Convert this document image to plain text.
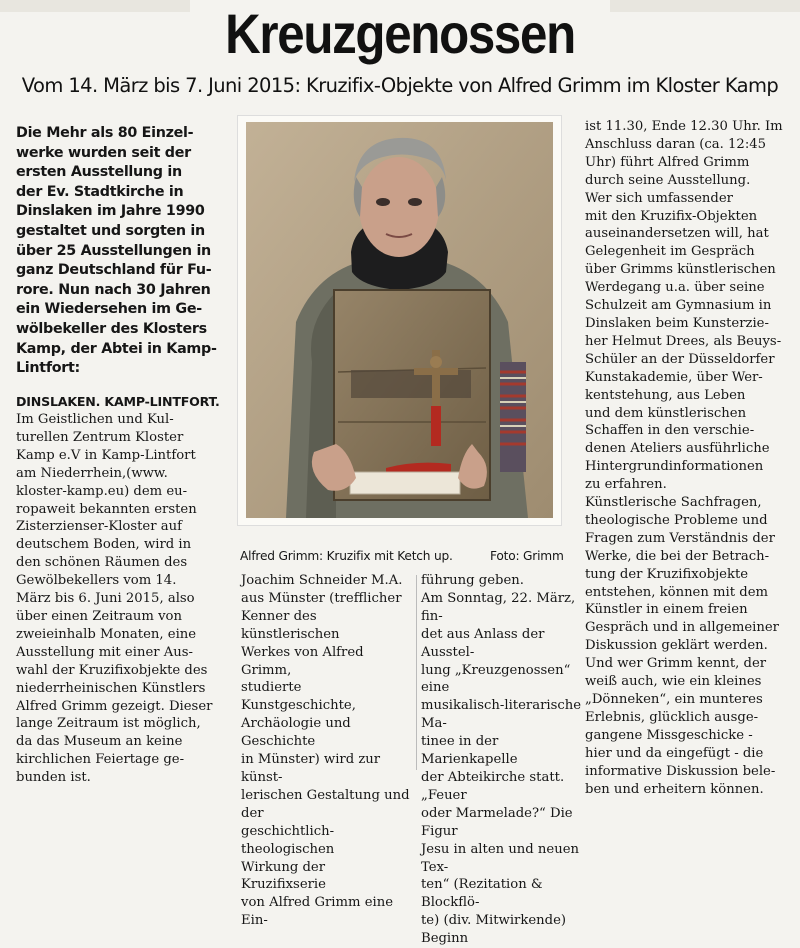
Kreuzgenossen
Vom 14. März bis 7. Juni 2015: Kruzifix-Objekte von Alfred Grimm im Kloster Kamp
Die Mehr als 80 Einzel-
werke wurden seit der
ersten Ausstellung in
der Ev. Stadtkirche in
Dinslaken im Jahre 1990
gestaltet und sorgten in
über 25 Ausstellungen in
ganz Deutschland für Fu-
rore. Nun nach 30 Jahren
ein Wiedersehen im Ge-
wölbekeller des Klosters
Kamp, der Abtei in Kamp-
Lintfort:
DINSLAKEN. KAMP-LINTFORT.
Im Geistlichen und Kul-
turellen Zentrum Kloster
Kamp e.V in Kamp-Lintfort
am Niederrhein,(www.
kloster-kamp.eu) dem eu-
ropaweit bekannten ersten
Zisterzienser-Kloster auf
deutschem Boden, wird in
den schönen Räumen des
Gewölbekellers vom 14.
März bis 6. Juni 2015, also
über einen Zeitraum von
zweieinhalb Monaten, eine
Ausstellung mit einer Aus-
wahl der Kruzifixobjekte des
niederrheinischen Künstlers
Alfred Grimm gezeigt. Dieser
lange Zeitraum ist möglich,
da das Museum an keine
kirchlichen Feiertage ge-
bunden ist.
Alfred Grimm: Kruzifix mit Ketch up.	Foto: Grimm
Joachim Schneider M.A.
aus Münster (trefflicher
Kenner des künstlerischen
Werkes von Alfred Grimm,
studierte Kunstgeschichte,
Archäologie und Geschichte
in Münster) wird zur künst-
lerischen Gestaltung und der
geschichtlich-theologischen
Wirkung der Kruzifixserie
von Alfred Grimm eine Ein-
führung geben.
Am Sonntag, 22. März, fin-
det aus Anlass der Ausstel-
lung „Kreuzgenossen“ eine
musikalisch-literarische Ma-
tinee in der Marienkapelle
der Abteikirche statt. „Feuer
oder Marmelade?“ Die Figur
Jesu in alten und neuen Tex-
ten“ (Rezitation & Blockflö-
te) (div. Mitwirkende) Beginn
ist 11.30, Ende 12.30 Uhr. Im
Anschluss daran (ca. 12:45
Uhr) führt Alfred Grimm
durch seine Ausstellung.
Wer sich umfassender
mit den Kruzifix-Objekten
auseinandersetzen will, hat
Gelegenheit im Gespräch
über Grimms künstlerischen
Werdegang u.a. über seine
Schulzeit am Gymnasium in
Dinslaken beim Kunsterzie-
her Helmut Drees, als Beuys-
Schüler an der Düsseldorfer
Kunstakademie, über Wer-
kentstehung, aus Leben
und dem künstlerischen
Schaffen in den verschie-
denen Ateliers ausführliche
Hintergrundinformationen
zu erfahren.
Künstlerische Sachfragen,
theologische Probleme und
Fragen zum Verständnis der
Werke, die bei der Betrach-
tung der Kruzifixobjekte
entstehen, können mit dem
Künstler in einem freien
Gespräch und in allgemeiner
Diskussion geklärt werden.
Und wer Grimm kennt, der
weiß auch, wie ein kleines
„Dönneken“, ein munteres
Erlebnis, glücklich ausge-
gangene Missgeschicke -
hier und da eingefügt - die
informative Diskussion bele-
ben und erheitern können.
